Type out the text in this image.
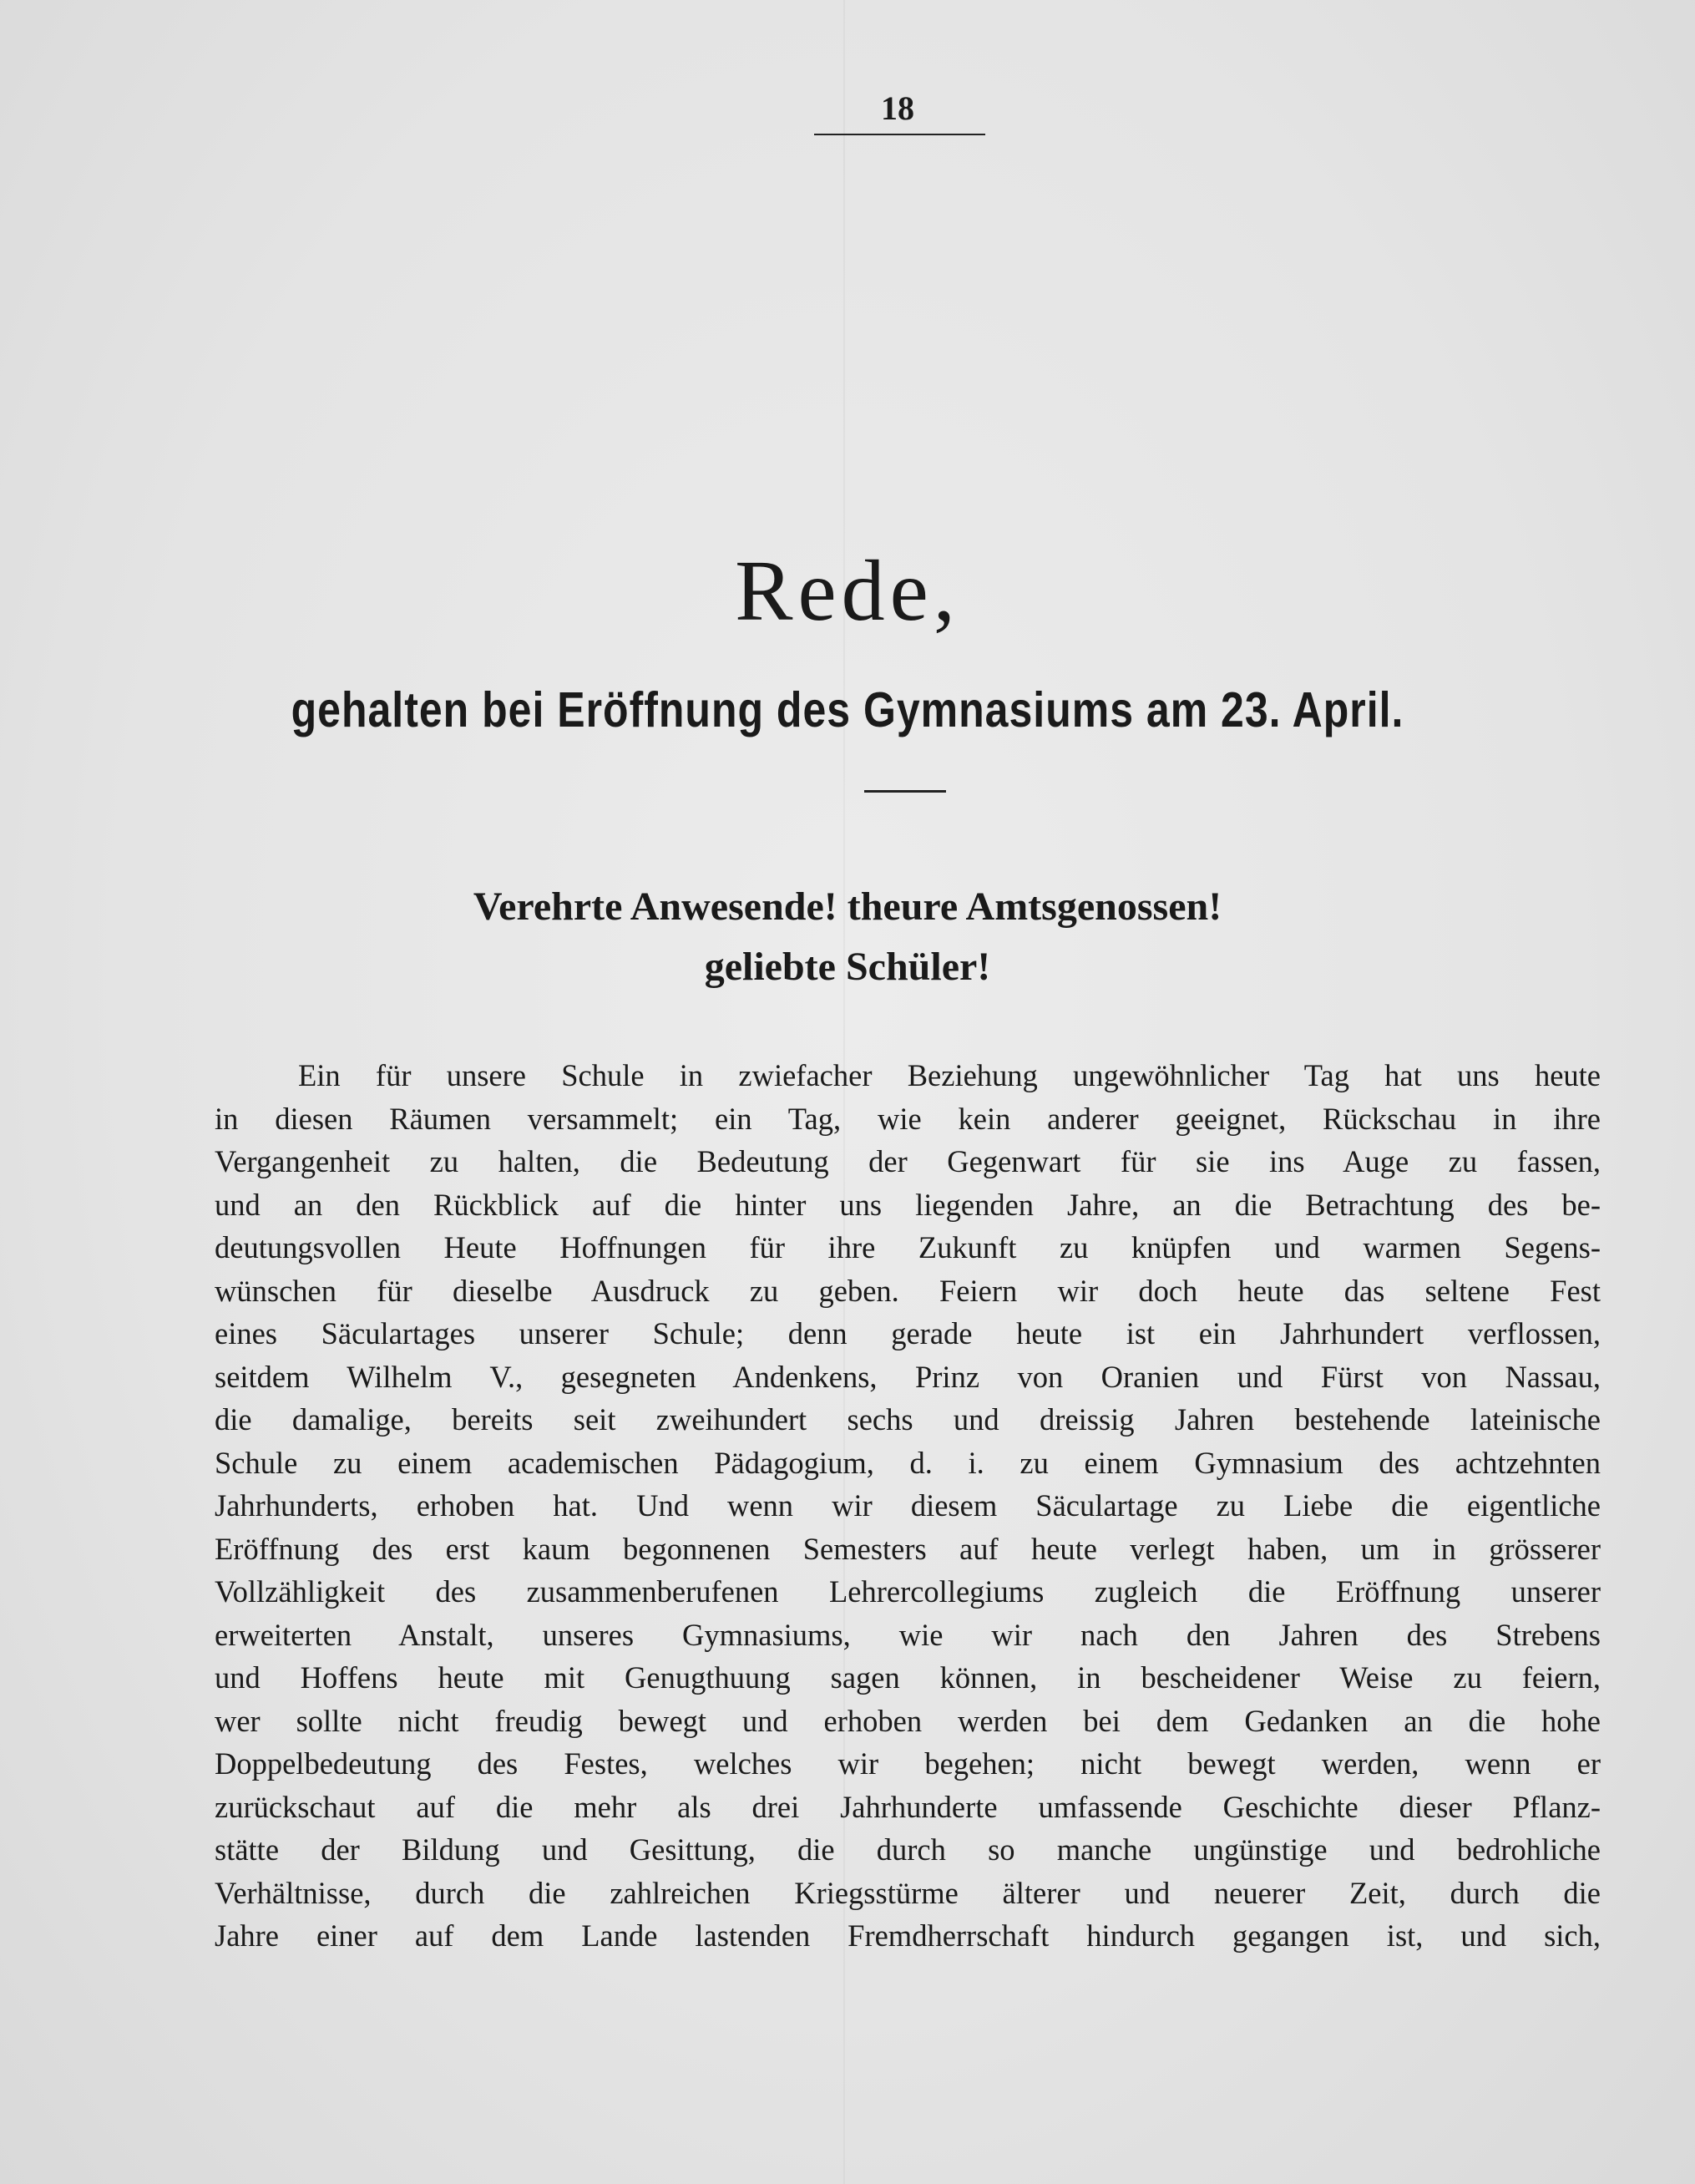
18
Rede,
gehalten bei Eröffnung des Gymnasiums am 23. April.
Verehrte Anwesende! theure Amtsgenossen!
geliebte Schüler!
Ein für unsere Schule in zwiefacher Beziehung ungewöhnlicher Tag hat uns heute
in diesen Räumen versammelt; ein Tag, wie kein anderer geeignet, Rückschau in ihre
Vergangenheit zu halten, die Bedeutung der Gegenwart für sie ins Auge zu fassen,
und an den Rückblick auf die hinter uns liegenden Jahre, an die Betrachtung des be-
deutungsvollen Heute Hoffnungen für ihre Zukunft zu knüpfen und warmen Segens-
wünschen für dieselbe Ausdruck zu geben. Feiern wir doch heute das seltene Fest
eines Säculartages unserer Schule; denn gerade heute ist ein Jahrhundert verflossen,
seitdem Wilhelm V., gesegneten Andenkens, Prinz von Oranien und Fürst von Nassau,
die damalige, bereits seit zweihundert sechs und dreissig Jahren bestehende lateinische
Schule zu einem academischen Pädagogium, d. i. zu einem Gymnasium des achtzehnten
Jahrhunderts, erhoben hat. Und wenn wir diesem Säculartage zu Liebe die eigentliche
Eröffnung des erst kaum begonnenen Semesters auf heute verlegt haben, um in grösserer
Vollzähligkeit des zusammenberufenen Lehrercollegiums zugleich die Eröffnung unserer
erweiterten Anstalt, unseres Gymnasiums, wie wir nach den Jahren des Strebens
und Hoffens heute mit Genugthuung sagen können, in bescheidener Weise zu feiern,
wer sollte nicht freudig bewegt und erhoben werden bei dem Gedanken an die hohe
Doppelbedeutung des Festes, welches wir begehen; nicht bewegt werden, wenn er
zurückschaut auf die mehr als drei Jahrhunderte umfassende Geschichte dieser Pflanz-
stätte der Bildung und Gesittung, die durch so manche ungünstige und bedrohliche
Verhältnisse, durch die zahlreichen Kriegsstürme älterer und neuerer Zeit, durch die
Jahre einer auf dem Lande lastenden Fremdherrschaft hindurch gegangen ist, und sich,
